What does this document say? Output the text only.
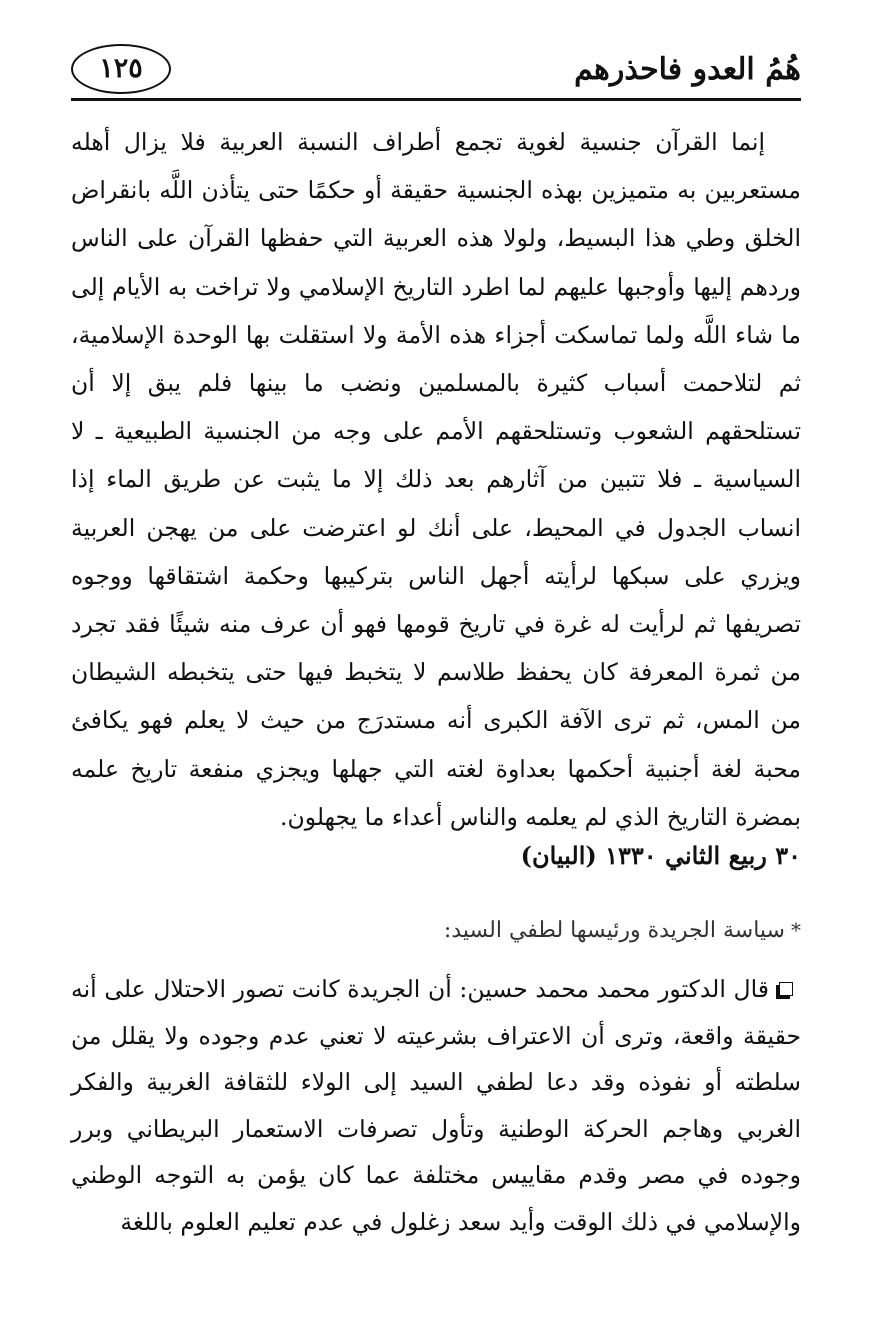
هُمُ العدو فاحذرهم
١٢٥

إنما القرآن جنسية لغوية تجمع أطراف النسبة العربية فلا يزال أهله مستعربين به متميزين بهذه الجنسية حقيقة أو حكمًا حتى يتأذن اللَّه بانقراض الخلق وطي هذا البسيط، ولولا هذه العربية التي حفظها القرآن على الناس وردهم إليها وأوجبها عليهم لما اطرد التاريخ الإسلامي ولا تراخت به الأيام إلى ما شاء اللَّه ولما تماسكت أجزاء هذه الأمة ولا استقلت بها الوحدة الإسلامية، ثم لتلاحمت أسباب كثيرة بالمسلمين ونضب ما بينها فلم يبق إلا أن تستلحقهم الشعوب وتستلحقهم الأمم على وجه من الجنسية الطبيعية ـ لا السياسية ـ فلا تتبين من آثارهم بعد ذلك إلا ما يثبت عن طريق الماء إذا انساب الجدول في المحيط، على أنك لو اعترضت على من يهجن العربية ويزري على سبكها لرأيته أجهل الناس بتركيبها وحكمة اشتقاقها ووجوه تصريفها ثم لرأيت له غرة في تاريخ قومها فهو أن عرف منه شيئًا فقد تجرد من ثمرة المعرفة كان يحفظ طلاسم لا يتخبط فيها حتى يتخبطه الشيطان من المس، ثم ترى الآفة الكبرى أنه مستدرَج من حيث لا يعلم فهو يكافئ محبة لغة أجنبية أحكمها بعداوة لغته التي جهلها ويجزي منفعة تاريخ علمه بمضرة التاريخ الذي لم يعلمه والناس أعداء ما يجهلون.

٣٠ ربيع الثاني ١٣٣٠ (البيان)
*سياسة الجريدة ورئيسها لطفي السيد:
قال الدكتور محمد محمد حسين: أن الجريدة كانت تصور الاحتلال على أنه حقيقة واقعة، وترى أن الاعتراف بشرعيته لا تعني عدم وجوده ولا يقلل من سلطته أو نفوذه وقد دعا لطفي السيد إلى الولاء للثقافة الغربية والفكر الغربي وهاجم الحركة الوطنية وتأول تصرفات الاستعمار البريطاني وبرر وجوده في مصر وقدم مقاييس مختلفة عما كان يؤمن به التوجه الوطني والإسلامي في ذلك الوقت وأيد سعد زغلول في عدم تعليم العلوم باللغة
